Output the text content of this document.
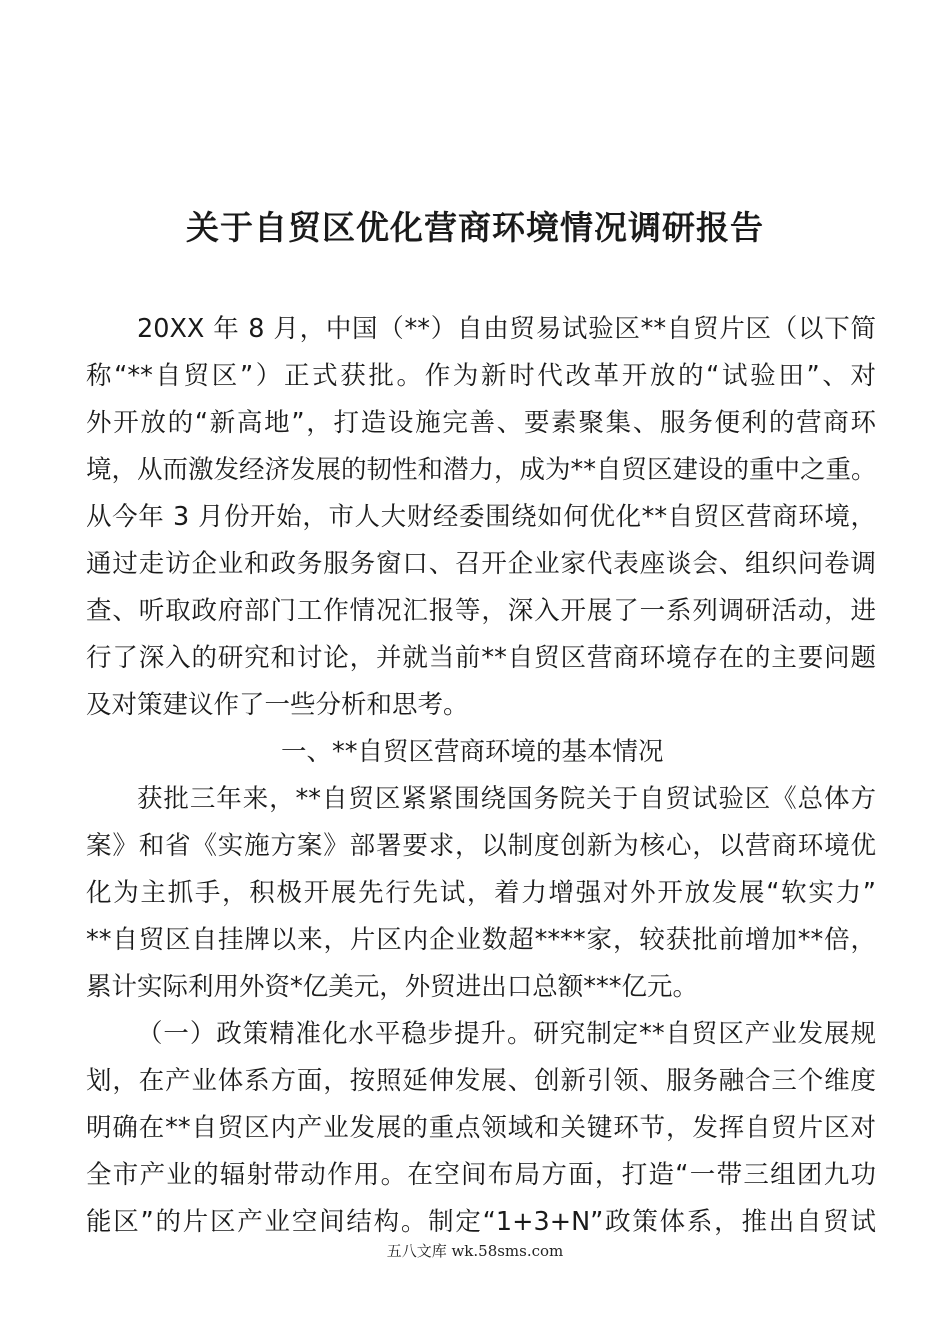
关于自贸区优化营商环境情况调研报告
20XX 年 8 月，中国（**）自由贸易试验区**自贸片区（以下简
称“**自贸区”）正式获批。作为新时代改革开放的“试验田”、对
外开放的“新高地”，打造设施完善、要素聚集、服务便利的营商环
境，从而激发经济发展的韧性和潜力，成为**自贸区建设的重中之重。
从今年 3 月份开始，市人大财经委围绕如何优化**自贸区营商环境，
通过走访企业和政务服务窗口、召开企业家代表座谈会、组织问卷调
查、听取政府部门工作情况汇报等，深入开展了一系列调研活动，进
行了深入的研究和讨论，并就当前**自贸区营商环境存在的主要问题
及对策建议作了一些分析和思考。
一、**自贸区营商环境的基本情况
获批三年来，**自贸区紧紧围绕国务院关于自贸试验区《总体方
案》和省《实施方案》部署要求，以制度创新为核心，以营商环境优
化为主抓手，积极开展先行先试，着力增强对外开放发展“软实力”
**自贸区自挂牌以来，片区内企业数超****家，较获批前增加**倍，
累计实际利用外资*亿美元，外贸进出口总额***亿元。
（一）政策精准化水平稳步提升。研究制定**自贸区产业发展规
划，在产业体系方面，按照延伸发展、创新引领、服务融合三个维度
明确在**自贸区内产业发展的重点领域和关键环节，发挥自贸片区对
全市产业的辐射带动作用。在空间布局方面，打造“一带三组团九功
能区”的片区产业空间结构。制定“1+3+N”政策体系，推出自贸试
五八文库 wk.58sms.com
